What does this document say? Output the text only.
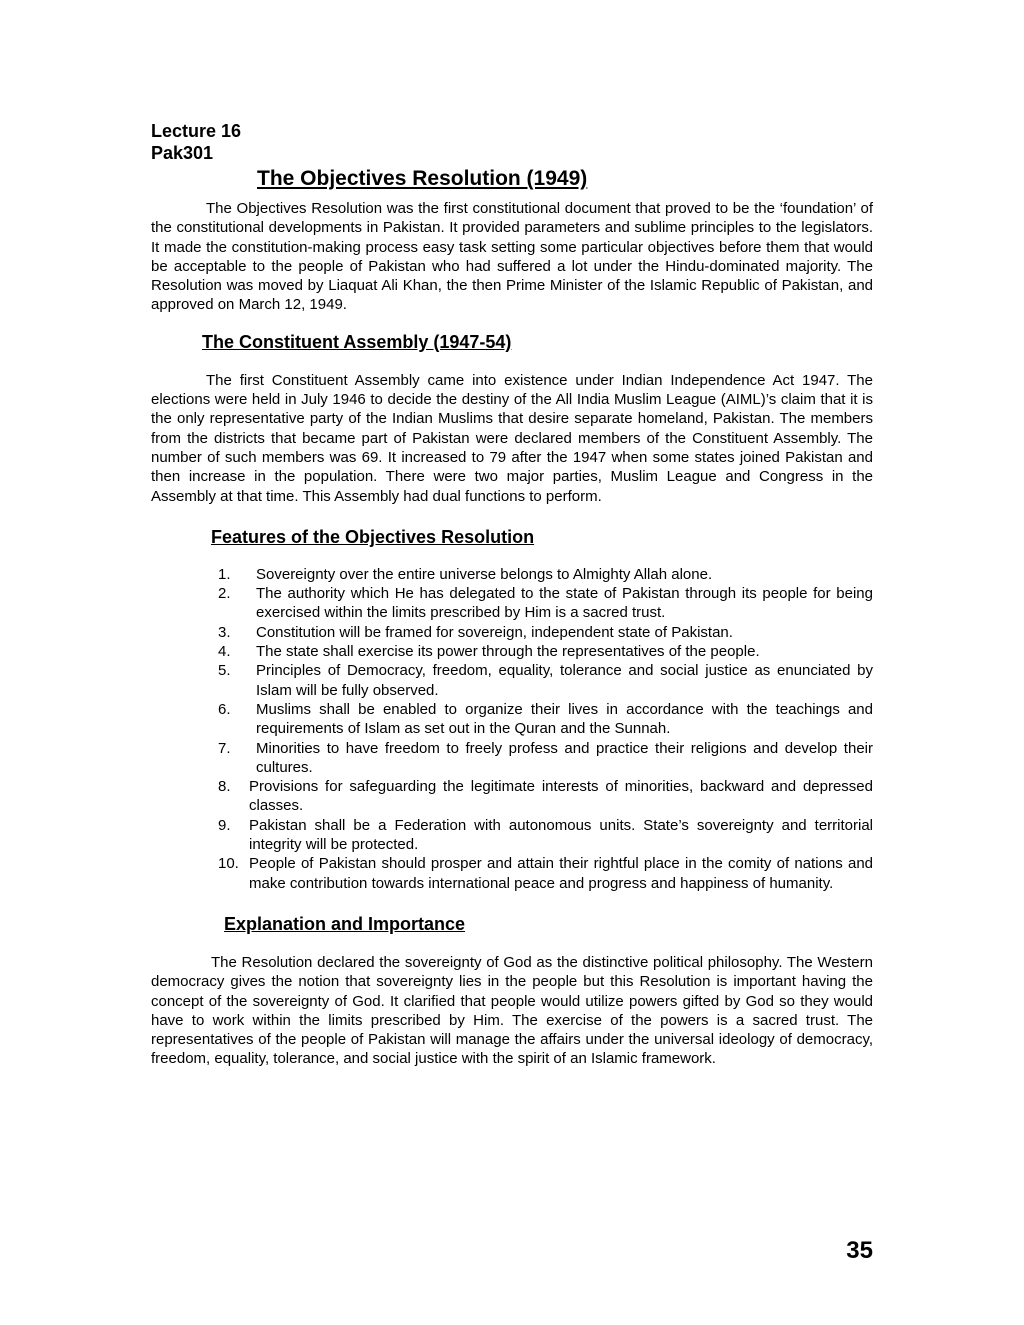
Lecture 16

Pak301

The Objectives Resolution (1949)

The Objectives Resolution was the first constitutional document that proved to be the ‘foundation’ of the constitutional developments in Pakistan. It provided parameters and sublime principles to the legislators. It made the constitution-making process easy task setting some particular objectives before them that would be acceptable to the people of Pakistan who had suffered a lot under the Hindu-dominated majority. The Resolution was moved by Liaquat Ali Khan, the then Prime Minister of the Islamic Republic of Pakistan, and approved on March 12, 1949.

The Constituent Assembly (1947-54)

The first Constituent Assembly came into existence under Indian Independence Act 1947. The elections were held in July 1946 to decide the destiny of the All India Muslim League (AIML)’s claim that it is the only representative party of the Indian Muslims that desire separate homeland, Pakistan. The members from the districts that became part of Pakistan were declared members of the Constituent Assembly. The number of such members was 69. It increased to 79 after the 1947 when some states joined Pakistan and then increase in the population. There were two major parties, Muslim League and Congress in the Assembly at that time. This Assembly had dual functions to perform.

Features of the Objectives Resolution
1. Sovereignty over the entire universe belongs to Almighty Allah alone.
2. The authority which He has delegated to the state of Pakistan through its people for being exercised within the limits prescribed by Him is a sacred trust.
3. Constitution will be framed for sovereign, independent state of Pakistan.
4. The state shall exercise its power through the representatives of the people.
5. Principles of Democracy, freedom, equality, tolerance and social justice as enunciated by Islam will be fully observed.
6. Muslims shall be enabled to organize their lives in accordance with the teachings and requirements of Islam as set out in the Quran and the Sunnah.
7. Minorities to have freedom to freely profess and practice their religions and develop their cultures.
8. Provisions for safeguarding the legitimate interests of minorities, backward and depressed classes.
9. Pakistan shall be a Federation with autonomous units. State’s sovereignty and territorial integrity will be protected.
10. People of Pakistan should prosper and attain their rightful place in the comity of nations and make contribution towards international peace and progress and happiness of humanity.
Explanation and Importance

The Resolution declared the sovereignty of God as the distinctive political philosophy. The Western democracy gives the notion that sovereignty lies in the people but this Resolution is important having the concept of the sovereignty of God. It clarified that people would utilize powers gifted by God so they would have to work within the limits prescribed by Him. The exercise of the powers is a sacred trust. The representatives of the people of Pakistan will manage the affairs under the universal ideology of democracy, freedom, equality, tolerance, and social justice with the spirit of an Islamic framework.

35
